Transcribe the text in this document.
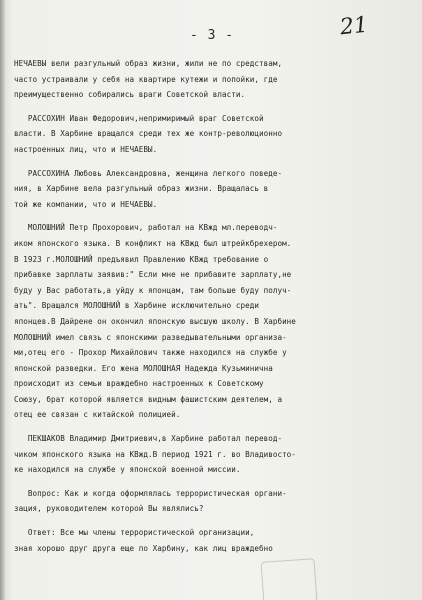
- 3 -	21
НЕЧАЕВЫ вели разгульный образ жизни, жили не по средствам,
часто устраивали у себя на квартире кутежи и попойки, где
преимущественно собирались враги Советской власти.
РАССОХИН Иван Федорович,непримиримый враг Советской
власти. В Харбине вращался среди тех же контр-революционно
настроенных лиц, что и НЕЧАЕВЫ.
РАССОХИНА Любовь Александровна, женщина легкого поведе-
ния, в Харбине вела разгульный образ жизни. Вращалась в
той же компании, что и НЕЧАЕВЫ.
МОЛОШНИЙ Петр Прохорович, работал на КВжд мл.переводч-
иком японского языка. В конфликт на КВжд был штрейкбрехером.
В 1923 г.МОЛОШНИЙ предъявил Правлению КВжд требование о
прибавке зарплаты заявив:" Если мне не прибавите зарплату,не
буду у Вас работать,а уйду к японцам, там больше буду получ-
ать". Вращался МОЛОШНИЙ в Харбине исключительно среди
японцев.В Дайрене он окончил японскую высшую школу. В Харбине
МОЛОШНИЙ имел связь с японскими разведывательными организа-
ми,отец его - Прохор Михайлович также находился на службе у
японской разведки. Его жена МОЛОШНАЯ Надежда Кузьминична
происходит из семьи враждебно настроенных к Советскому
Союзу, брат которой является видным фашистским деятелем, а
отец ее связан с китайской полицией.
ПЕКШАКОВ Владимир Дмитриевич,в Харбине работал перевод-
чиком японского языка на КВжд.В период 1921 г. во Владивосто-
ке находился на службе у японской военной миссии.
Вопрос: Как и когда оформлялась террористическая органи-
зация, руководителем которой Вы являлись?
Ответ: Все мы члены террористической организации,
зная хорошо друг друга еще по Харбину, как лиц враждебно
